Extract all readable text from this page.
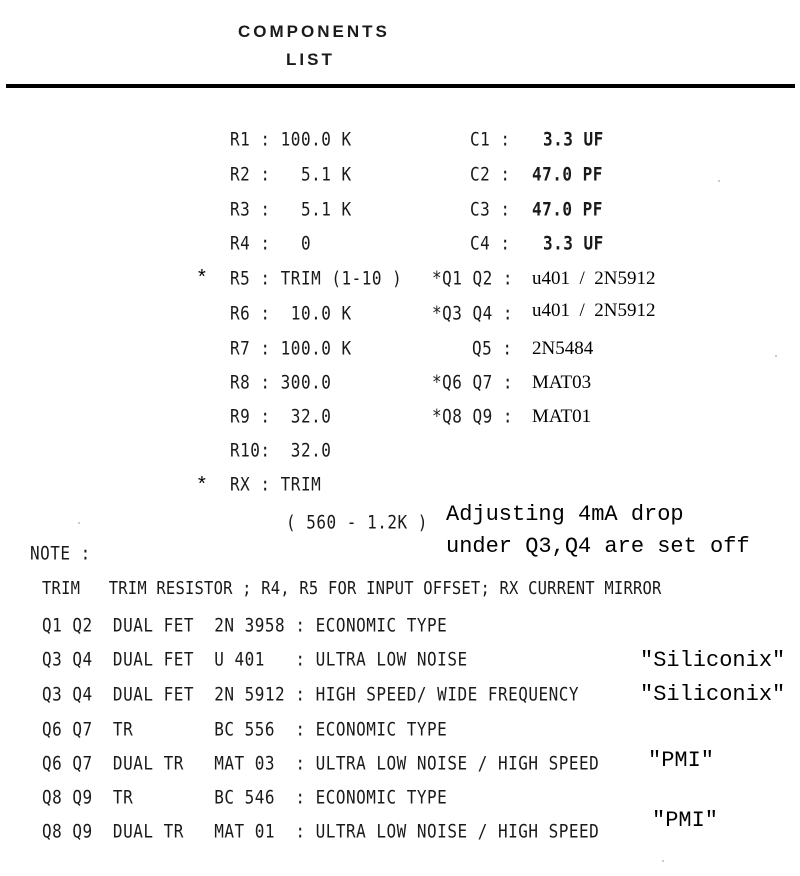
COMPONENTS
LIST
R1 : 100.0 K
R2 :   5.1 K
R3 :   5.1 K
R4 :   0
* R5 : TRIM (1-10 )
R6 :  10.0 K
R7 : 100.0 K
R8 : 300.0
R9 :  32.0
R10:  32.0
* RX : TRIM
( 560 - 1.2K )
C1 : 3.3 UF
C2 : 47.0 PF
C3 : 47.0 PF
C4 : 3.3 UF
*Q1 Q2 : u401  /  2N5912
*Q3 Q4 : u401  /  2N5912
Q5 : 2N5484
*Q6 Q7 : MAT03
*Q8 Q9 : MAT01
Adjusting 4mA drop
under Q3,Q4 are set off
NOTE :
TRIM   TRIM RESISTOR ; R4, R5 FOR INPUT OFFSET; RX CURRENT MIRROR
Q1 Q2  DUAL FET  2N 3958 : ECONOMIC TYPE
Q3 Q4  DUAL FET  U 401   : ULTRA LOW NOISE	"Siliconix"
Q3 Q4  DUAL FET  2N 5912 : HIGH SPEED/ WIDE FREQUENCY	"Siliconix"
Q6 Q7  TR        BC 556  : ECONOMIC TYPE
Q6 Q7  DUAL TR   MAT 03  : ULTRA LOW NOISE / HIGH SPEED "PMI"
Q8 Q9  TR        BC 546  : ECONOMIC TYPE
Q8 Q9  DUAL TR   MAT 01  : ULTRA LOW NOISE / HIGH SPEED "PMI"
